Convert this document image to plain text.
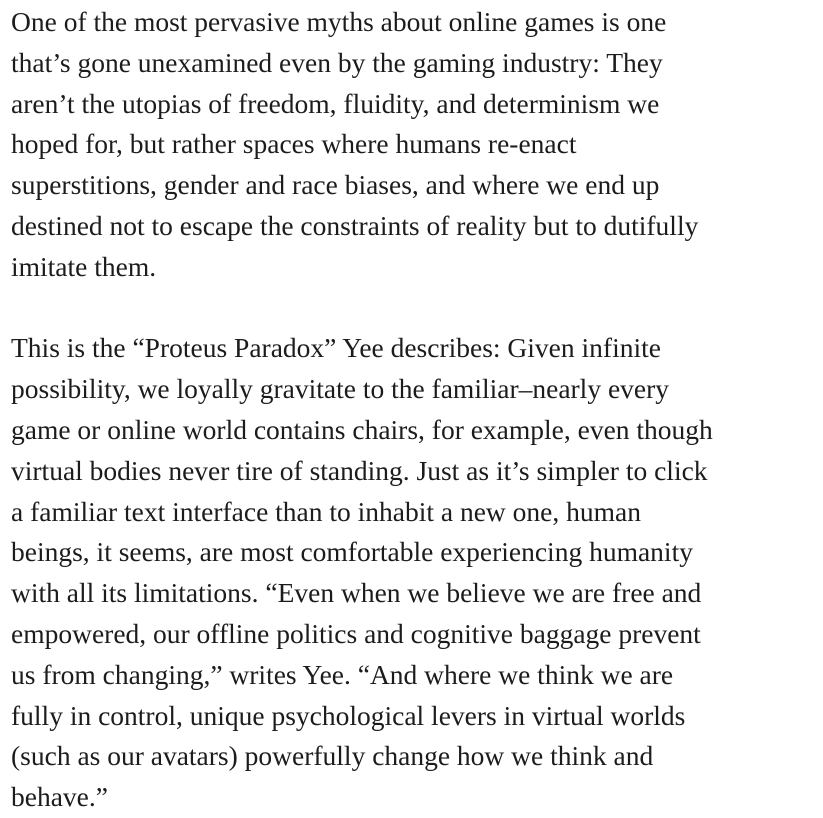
One of the most pervasive myths about online games is one
that’s gone unexamined even by the gaming industry: They
aren’t the utopias of freedom, fluidity, and determinism we
hoped for, but rather spaces where humans re-enact
superstitions, gender and race biases, and where we end up
destined not to escape the constraints of reality but to dutifully
imitate them.

This is the “Proteus Paradox” Yee describes: Given infinite
possibility, we loyally gravitate to the familiar–nearly every
game or online world contains chairs, for example, even though
virtual bodies never tire of standing. Just as it’s simpler to click
a familiar text interface than to inhabit a new one, human
beings, it seems, are most comfortable experiencing humanity
with all its limitations. “Even when we believe we are free and
empowered, our offline politics and cognitive baggage prevent
us from changing,” writes Yee. “And where we think we are
fully in control, unique psychological levers in virtual worlds
(such as our avatars) powerfully change how we think and
behave.”
